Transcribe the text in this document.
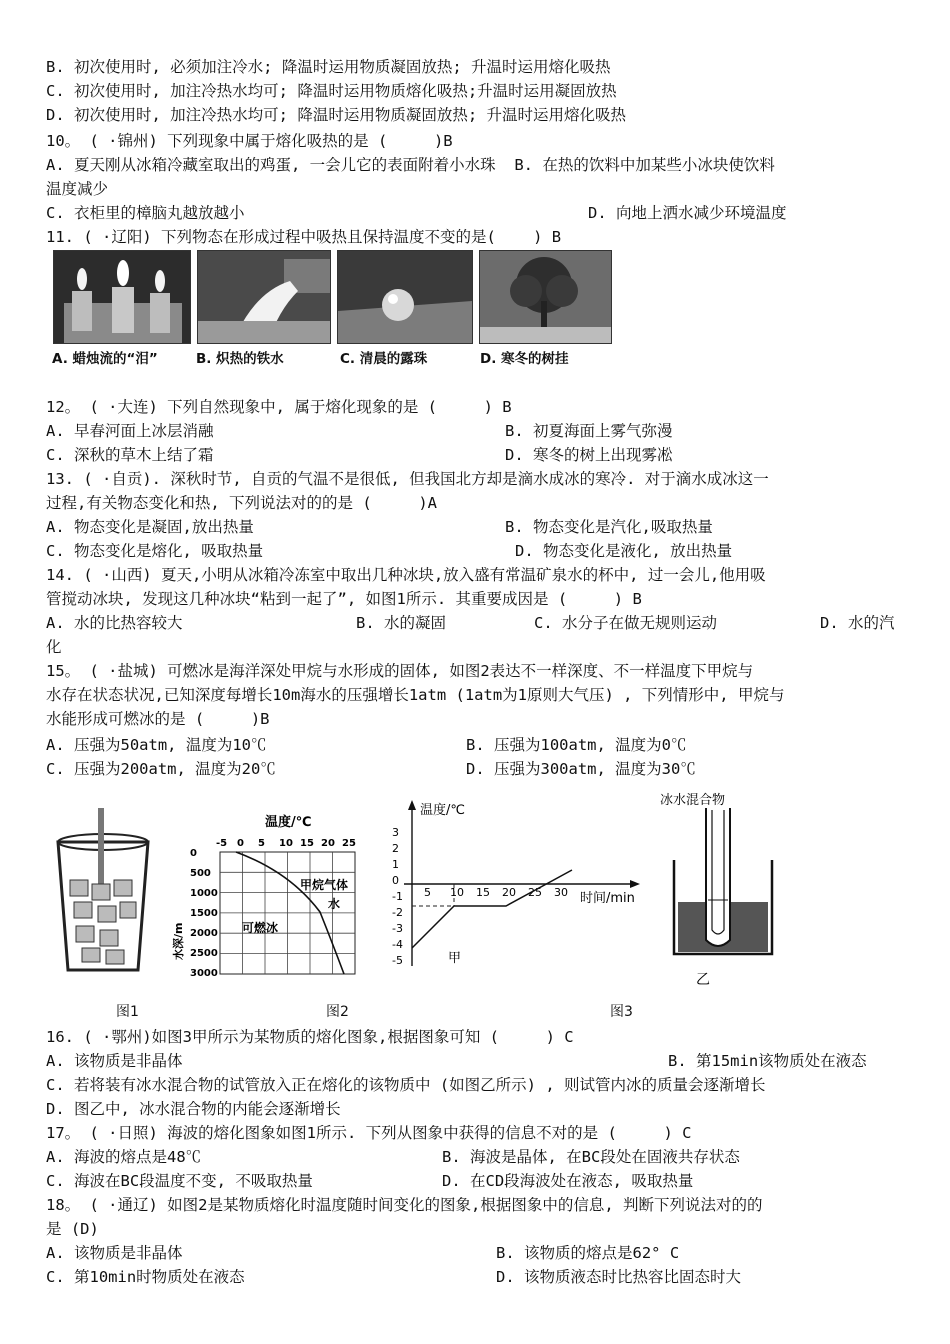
B. 初次使用时, 必须加注冷水; 降温时运用物质凝固放热; 升温时运用熔化吸热
C. 初次使用时, 加注冷热水均可; 降温时运用物质熔化吸热;升温时运用凝固放热
D. 初次使用时, 加注冷热水均可; 降温时运用物质凝固放热; 升温时运用熔化吸热
10。 ( ·锦州) 下列现象中属于熔化吸热的是 (     )B
A. 夏天刚从冰箱冷藏室取出的鸡蛋, 一会儿它的表面附着小水珠  B. 在热的饮料中加某些小冰块使饮料
温度减少
C. 衣柜里的樟脑丸越放越小	D. 向地上洒水减少环境温度
11. ( ·辽阳) 下列物态在形成过程中吸热且保持温度不变的是(    ) B
A. 蜡烛流的“泪”	B. 炽热的铁水	C. 清晨的露珠	D. 寒冬的树挂
12。 ( ·大连) 下列自然现象中, 属于熔化现象的是 (     ) B
A. 早春河面上冰层消融	B. 初夏海面上雾气弥漫
C. 深秋的草木上结了霜	D. 寒冬的树上出现雾凇
13. ( ·自贡). 深秋时节, 自贡的气温不是很低, 但我国北方却是滴水成冰的寒冷. 对于滴水成冰这一
过程,有关物态变化和热, 下列说法对的的是 (     )A
A. 物态变化是凝固,放出热量	B. 物态变化是汽化,吸取热量
C. 物态变化是熔化, 吸取热量	D. 物态变化是液化, 放出热量
14. ( ·山西) 夏天,小明从冰箱冷冻室中取出几种冰块,放入盛有常温矿泉水的杯中, 过一会儿,他用吸
管搅动冰块, 发现这几种冰块“粘到一起了”, 如图1所示. 其重要成因是 (     ) B
A. 水的比热容较大	B. 水的凝固	C. 水分子在做无规则运动	D. 水的汽
化
15。 ( ·盐城) 可燃冰是海洋深处甲烷与水形成的固体, 如图2表达不一样深度、不一样温度下甲烷与
水存在状态状况,已知深度每增长10m海水的压强增长1atm (1atm为1原则大气压) , 下列情形中, 甲烷与
水能形成可燃冰的是 (     )B
A. 压强为50atm, 温度为10℃	B. 压强为100atm, 温度为0℃
C. 压强为200atm, 温度为20℃	D. 压强为300atm, 温度为30℃
温度/℃
-5 0 5 10 15 20 25
0
500
1000
1500
2000
2500
3000
水深/m
甲烷气体
水
可燃冰
温度/℃
时间/min
3
2
1
0
-1
-2
-3
-4
-5
5 10 15 20 25 30
甲
冰水混合物
乙
图1	图2	图3
16. ( ·鄂州)如图3甲所示为某物质的熔化图象,根据图象可知 (     ) C
A. 该物质是非晶体	B. 第15min该物质处在液态
C. 若将装有冰水混合物的试管放入正在熔化的该物质中 (如图乙所示) , 则试管内冰的质量会逐渐增长
D. 图乙中, 冰水混合物的内能会逐渐增长
17。 ( ·日照) 海波的熔化图象如图1所示. 下列从图象中获得的信息不对的是 (     ) C
A. 海波的熔点是48℃	B. 海波是晶体, 在BC段处在固液共存状态
C. 海波在BC段温度不变, 不吸取热量	D. 在CD段海波处在液态, 吸取热量
18。 ( ·通辽) 如图2是某物质熔化时温度随时间变化的图象,根据图象中的信息, 判断下列说法对的的
是 (D)
A. 该物质是非晶体	B. 该物质的熔点是62° C
C. 第10min时物质处在液态	D. 该物质液态时比热容比固态时大
